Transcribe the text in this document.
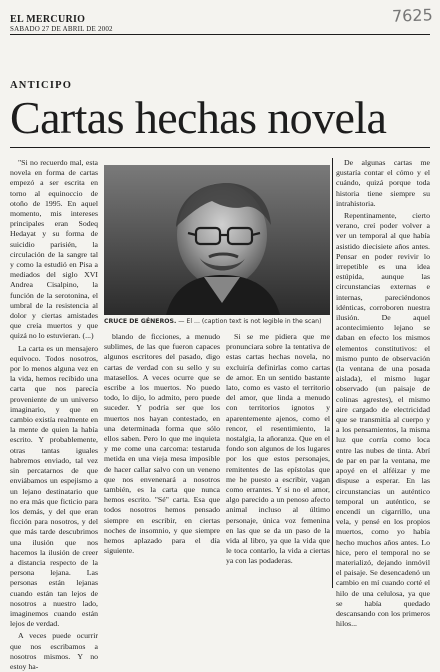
EL MERCURIO
SABADO 27 DE ABRIL DE 2002
7625
ANTICIPO
Cartas hechas novela

"Si no recuerdo mal, esta novela en forma de cartas empezó a ser escrita en torno al equinoccio de otoño de 1995. En aquel momento, mis intereses principales eran Sodeq Hedayat y su forma de suicidio parisién, la circulación de la sangre tal y como la estudió en Pisa a mediados del siglo XVI Andrea Cisalpino, la función de la serotonina, el umbral de la resistencia al dolor y ciertas amistades que creía muertos y que quizá no lo estuvieran. (...)

La carta es un mensajero equívoco. Todos nosotros, por lo menos alguna vez en la vida, hemos recibido una carta que nos parecía proveniente de un universo imaginario, y que en cambio existía realmente en la mente de quien la había escrito. Y probablemente, otras tantas iguales habremos enviado, tal vez sin percatarnos de que enviábamos un espejismo a un lejano destinatario que no era más que ficticio para los demás, y del que eran ficción para nosotros, y del que más tarde descubrimos una ilusión que nos hacemos la ilusión de creer a distancia respecto de la persona lejana. Las personas están lejanas cuando están tan lejos de nosotros a nuestro lado, imaginemos cuando están lejos de verdad.

A veces puede ocurrir que nos escribamos a nosotros mismos. Y no estoy ha-

CRUCE DE GÉNEROS. — El ... (caption text is not legible in the scan)

blando de ficciones, a menudo sublimes, de las que fueron capaces algunos escritores del pasado, digo cartas de verdad con su sello y su matasellos. A veces ocurre que se escribe a los muertos. No puedo todo, lo dijo, lo admito, pero puede suceder. Y podría ser que los muertos nos hayan contestado, en una determinada forma que sólo ellos saben. Pero lo que me inquieta y me come una carcoma: testaruda metida en una vieja mesa imposible de hacer callar salvo con un veneno que nos envenenará a nosotros también, es la carta que nunca hemos escrito. "Sé" carta. Esa que todos nosotros hemos pensado siempre en escribir, en ciertas noches de insomnio, y que siempre hemos aplazado para el día siguiente.

Si se me pidiera que me pronunciara sobre la tentativa de estas cartas hechas novela, no excluiría definirlas como cartas de amor. En un sentido bastante lato, como es vasto el territorio del amor, que linda a menudo con territorios ignotos y aparentemente ajenos, como el rencor, el resentimiento, la nostalgia, la añoranza. Que en el fondo son algunos de los lugares por los que estos personajes, remitentes de las epístolas que me he puesto a escribir, vagan como errantes. Y si no el amor, algo parecido a un penoso afecto animal incluso al último personaje, única voz femenina en las que se da un paso de la vida al libro, ya que la vida que le toca contarlo, la vida a ciertas ya con las podaderas.

De algunas cartas me gustaría contar el cómo y el cuándo, quizá porque toda historia tiene siempre su intrahistoria.

Repentinamente, cierto verano, creí poder volver a ver un temporal al que había asistido diecisiete años antes. Pensar en poder revivir lo irrepetible es una idea estúpida, aunque las circunstancias externas e internas, pareciéndonos idénticas, corroboren nuestra ilusión. De aquel acontecimiento lejano se daban en efecto los mismos elementos constitutivos: el mismo punto de observación (la ventana de una posada aislada), el mismo lugar observado (un paisaje de colinas agrestes), el mismo aire cargado de electricidad que se transmitía al cuerpo y a los pensamientos, la misma luz que corría como loca entre las nubes de tinta. Abrí de par en par la ventana, me apoyé en el alféizar y me dispuse a esperar. En las circunstancias un auténtico temporal un auténtico, se encendí un cigarrillo, una vela, y pensé en los propios muertos, como yo había hecho muchos años antes. Lo hice, pero el temporal no se materializó, dejando inmóvil el paisaje. Se desencadenó un cambio en mí cuando corté el hilo de una celulosa, ya que se había quedado descansando con los primeros hilos...
